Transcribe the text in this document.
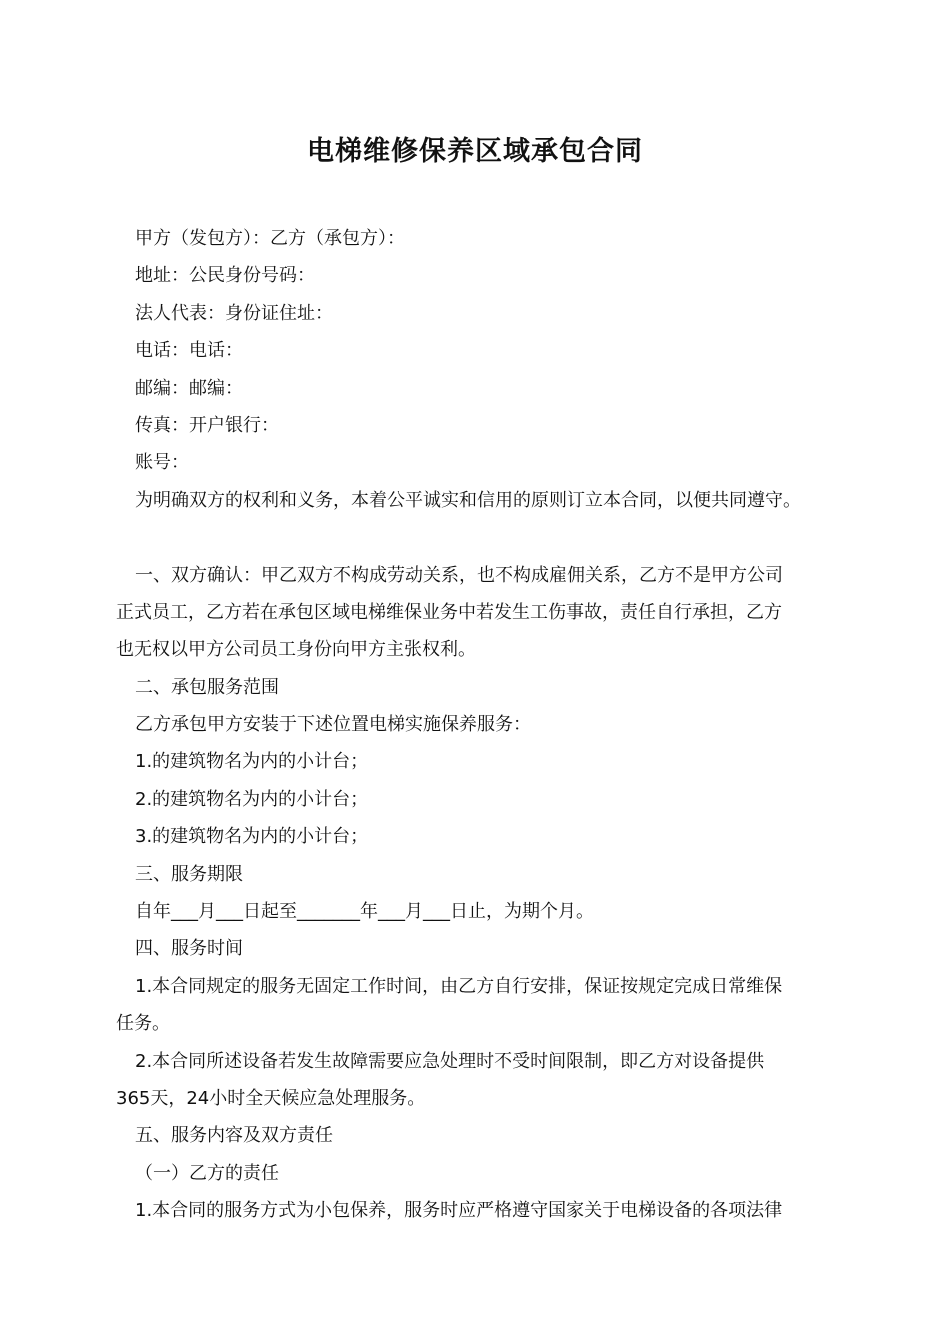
电梯维修保养区域承包合同
甲方（发包方）：乙方（承包方）：
地址：公民身份号码：
法人代表：身份证住址：
电话：电话：
邮编：邮编：
传真：开户银行：
账号：
为明确双方的权利和义务，本着公平诚实和信用的原则订立本合同，以便共同遵守。
一、双方确认：甲乙双方不构成劳动关系，也不构成雇佣关系，乙方不是甲方公司
正式员工，乙方若在承包区域电梯维保业务中若发生工伤事故，责任自行承担，乙方
也无权以甲方公司员工身份向甲方主张权利。
二、承包服务范围
乙方承包甲方安装于下述位置电梯实施保养服务：
1.的建筑物名为内的小计台；
2.的建筑物名为内的小计台；
3.的建筑物名为内的小计台；
三、服务期限
自年___月___日起至_______年___月___日止，为期个月。
四、服务时间
1.本合同规定的服务无固定工作时间，由乙方自行安排，保证按规定完成日常维保
任务。
2.本合同所述设备若发生故障需要应急处理时不受时间限制，即乙方对设备提供
365天，24小时全天候应急处理服务。
五、服务内容及双方责任
（一）乙方的责任
1.本合同的服务方式为小包保养，服务时应严格遵守国家关于电梯设备的各项法律
